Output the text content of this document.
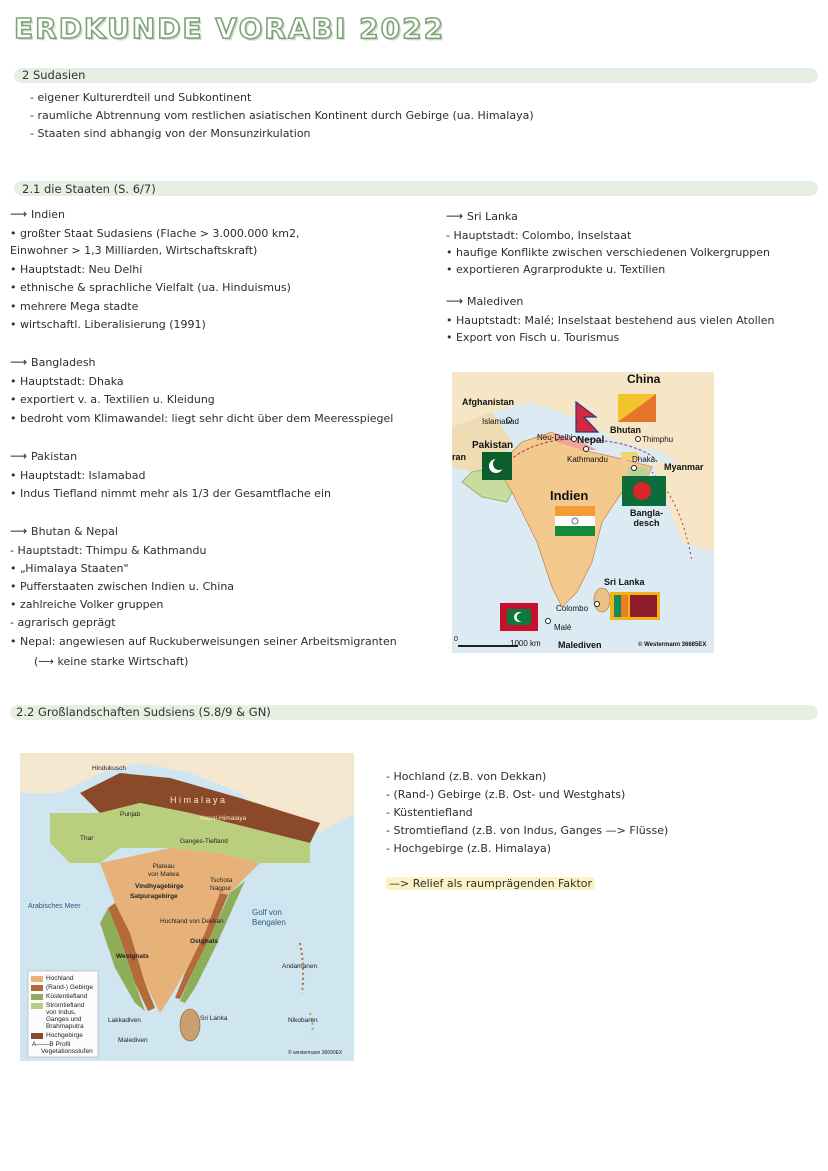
ERDKUNDE VORABI 2022
2 Sudasien
- eigener Kulturerdteil und Subkontinent
- raumliche Abtrennung vom restlichen asiatischen Kontinent durch Gebirge (ua. Himalaya)
- Staaten sind abhangig von der Monsunzirkulation
2.1 die Staaten (S. 6/7)
⟶ Indien
• großter Staat Sudasiens (Flache > 3.000.000 km2,
Einwohner > 1,3 Milliarden, Wirtschaftskraft)
• Hauptstadt: Neu Delhi
• ethnische & sprachliche Vielfalt (ua. Hinduismus)
• mehrere Mega stadte
• wirtschaftl. Liberalisierung (1991)
⟶ Bangladesh
• Hauptstadt: Dhaka
• exportiert v. a. Textilien u. Kleidung
• bedroht vom Klimawandel: liegt sehr dicht über dem Meeresspiegel
⟶ Pakistan
• Hauptstadt: Islamabad
• Indus Tiefland nimmt mehr als 1/3 der Gesamtflache ein
⟶ Bhutan & Nepal
- Hauptstadt: Thimpu & Kathmandu
• „Himalaya Staaten"
• Pufferstaaten zwischen Indien u. China
• zahlreiche Volker gruppen
- agrarisch geprägt
• Nepal: angewiesen auf Ruckuberweisungen seiner Arbeitsmigranten
(⟶ keine starke Wirtschaft)
⟶ Sri Lanka
- Hauptstadt: Colombo, Inselstaat
• haufige Konflikte zwischen verschiedenen Volkergruppen
• exportieren Agrarprodukte u. Textilien
⟶ Malediven
• Hauptstadt: Malé; Inselstaat bestehend aus vielen Atollen
• Export von Fisch u. Tourismus
China
Afghanistan
Islamabad
Pakistan
ran
Neu-Delhi Nepal
Kathmandu
Bhutan
Thimphu
Dhaka
Myanmar
Indien
Bangla-
desch
Sri Lanka
Colombo
Malé
Malediven
0	1000 km	© Westermann 36685EX
2.2 Großlandschaften Sudsiens (S.8/9 & GN)
Hindukusch
Karakorum
H i m a l a y a
Punjab
Nepal-Himalaya
Ganges-Tiefland
Thar
Plateau
von Malwa
Vindhyagebirge
Satpuragebirge
Tschota
Nagpur
Hochland von Dekkan
Arabisches Meer
Golf von
Bengalen
Andamanen
Nikobaren
Sri Lanka
Lakkadiven
Malediven
Westghats
Ostghats
© westermann 36690EX
Hochland
(Rand-) Gebirge
Küstentiefland
Stromtiefland
von Indus,
Ganges und
Brahmaputra
Hochgebirge
A——B Profil
Vegetationsstufen
- Hochland (z.B. von Dekkan)
- (Rand-) Gebirge (z.B. Ost- und Westghats)
- Küstentiefland
- Stromtiefland (z.B. von Indus, Ganges —> Flüsse)
- Hochgebirge (z.B. Himalaya)
—> Relief als raumprägenden Faktor
